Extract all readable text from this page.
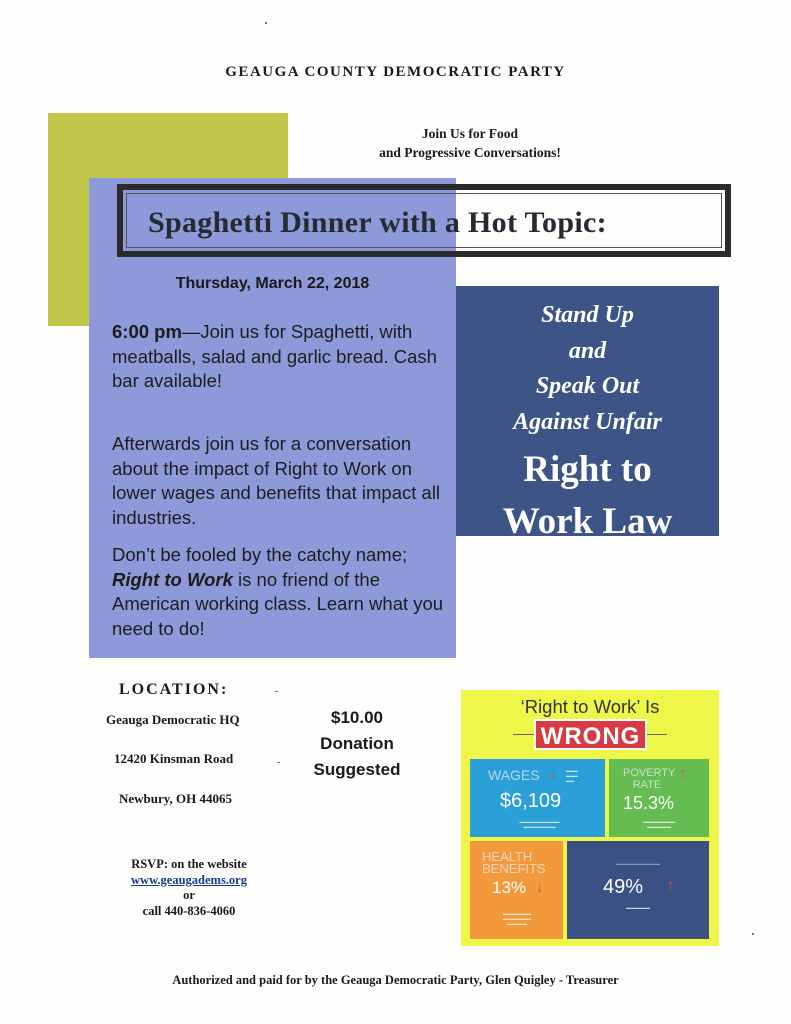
GEAUGA COUNTY DEMOCRATIC PARTY
Join Us for Food
and Progressive Conversations!
Spaghetti Dinner with a Hot Topic:
Thursday, March 22, 2018
6:00 pm—Join us for Spaghetti, with meatballs, salad and garlic bread. Cash bar available!
Afterwards join us for a conversation about the impact of Right to Work on lower wages and benefits that impact all industries.
Don’t be fooled by the catchy name; Right to Work is no friend of the American working class. Learn what you need to do!
Stand Up
and
Speak Out
Against Unfair
Right to
Work Law
LOCATION:
Geauga Democratic HQ
12420 Kinsman Road
Newbury, OH 44065
$10.00
Donation
Suggested
RSVP: on the website
www.geaugadems.org
or
call 440-836-4060
‘Right to Work’ Is
WRONG
WAGES ↓ ▬▬▬
▬▬▬
▬▬
$6,109
▬▬▬▬▬▬▬▬▬▬
▬▬▬▬▬▬▬▬
POVERTY
RATE
↑
15.3%
▬▬▬▬▬▬▬▬
▬▬▬▬▬▬
HEALTH
BENEFITS
13% ↓
▬▬▬▬▬▬▬
▬▬▬▬▬▬▬
▬▬▬▬▬
▬▬▬▬▬▬▬▬▬▬▬
49% ↑
▬▬▬▬▬▬
Authorized and paid for by the Geauga Democratic Party, Glen Quigley - Treasurer
